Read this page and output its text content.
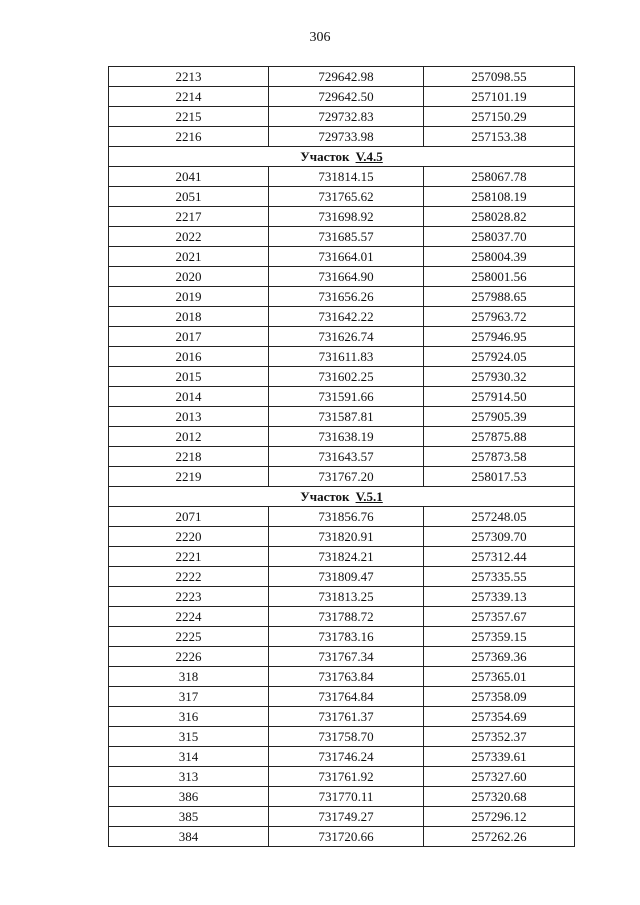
306
2213	729642.98	257098.55
2214	729642.50	257101.19
2215	729732.83	257150.29
2216	729733.98	257153.38
Участок V.4.5		
2041	731814.15	258067.78
2051	731765.62	258108.19
2217	731698.92	258028.82
2022	731685.57	258037.70
2021	731664.01	258004.39
2020	731664.90	258001.56
2019	731656.26	257988.65
2018	731642.22	257963.72
2017	731626.74	257946.95
2016	731611.83	257924.05
2015	731602.25	257930.32
2014	731591.66	257914.50
2013	731587.81	257905.39
2012	731638.19	257875.88
2218	731643.57	257873.58
2219	731767.20	258017.53
Участок V.5.1		
2071	731856.76	257248.05
2220	731820.91	257309.70
2221	731824.21	257312.44
2222	731809.47	257335.55
2223	731813.25	257339.13
2224	731788.72	257357.67
2225	731783.16	257359.15
2226	731767.34	257369.36
318	731763.84	257365.01
317	731764.84	257358.09
316	731761.37	257354.69
315	731758.70	257352.37
314	731746.24	257339.61
313	731761.92	257327.60
386	731770.11	257320.68
385	731749.27	257296.12
384	731720.66	257262.26
